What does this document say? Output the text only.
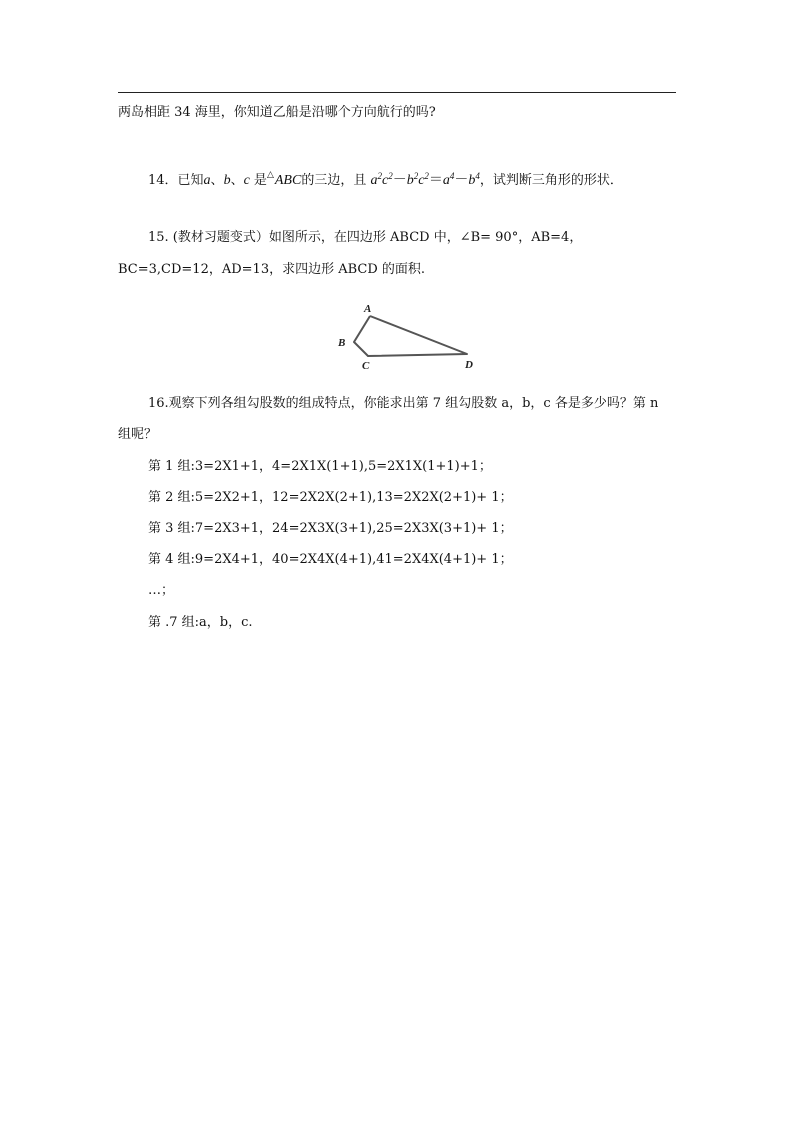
两岛相距 34 海里，你知道乙船是沿哪个方向航行的吗?
14．已知a、b、c 是△ABC的三边，且 $a^2c^2-b^2c^2=a^4-b^4$，试判断三角形的形状．
15. (教材习题变式）如图所示，在四边形 ABCD 中，∠B= 90°，AB=4，
BC=3,CD=12，AD=13，求四边形 ABCD 的面积.
A
B
C	D
16.观察下列各组勾股数的组成特点，你能求出第 7 组勾股数 a，b，c 各是多少吗？第 n
组呢？
第 1 组:3=2X1+1，4=2X1X(1+1),5=2X1X(1+1)+1；
第 2 组:5=2X2+1，12=2X2X(2+1),13=2X2X(2+1)+ 1；
第 3 组:7=2X3+1，24=2X3X(3+1),25=2X3X(3+1)+ 1；
第 4 组:9=2X4+1，40=2X4X(4+1),41=2X4X(4+1)+ 1；
…；
第 .7 组:a，b，c.
